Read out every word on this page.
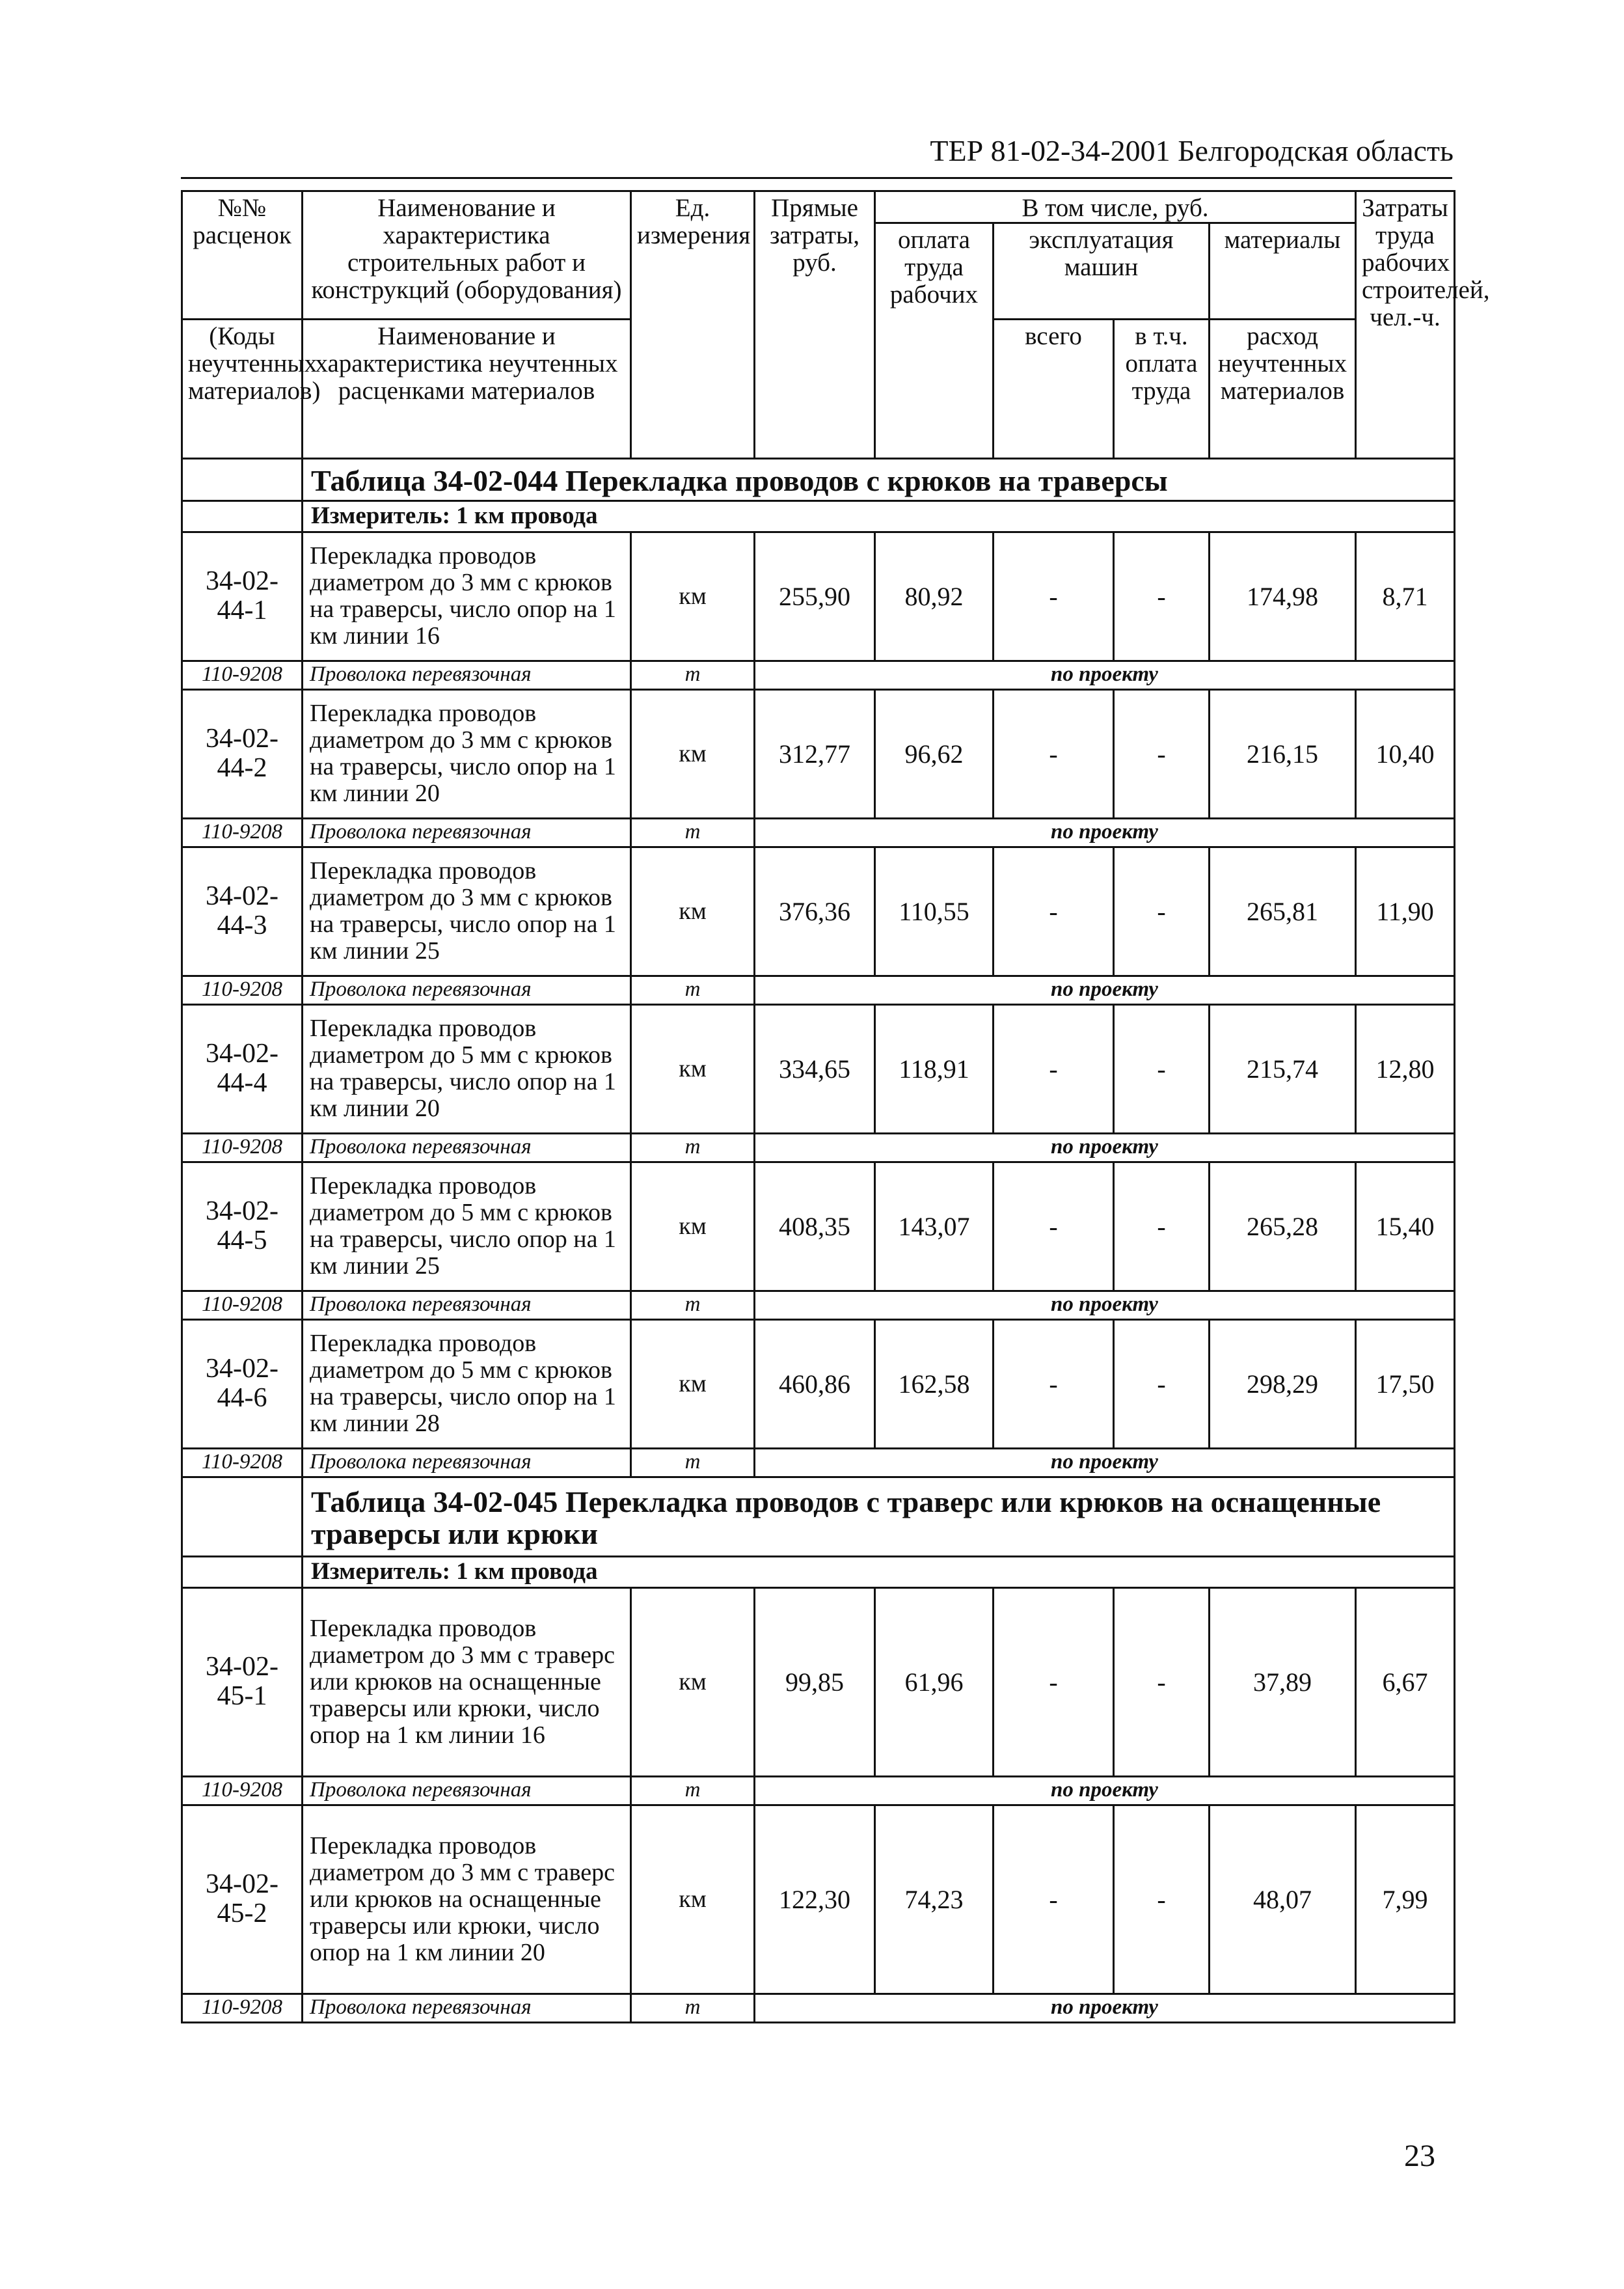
ТЕР 81-02-34-2001 Белгородская область
№№ расценок	Наименование и характеристика строительных работ и конструкций (оборудования)	Ед. измерения	Прямые затраты, руб.	В том числе, руб.				Затраты труда рабочих строителей, чел.-ч.
				оплата труда рабочих	эксплуатация машин		материалы	
(Коды неучтенных материалов)	Наименование и характеристика неучтенных расценками материалов				всего	в т.ч. оплата труда	расход неучтенных материалов	
	Таблица 34-02-044 Перекладка проводов с крюков на траверсы							
	Измеритель: 1 км провода							
34-02-44-1	Перекладка проводов диаметром до 3 мм с крюков на траверсы, число опор на 1 км линии 16	км	255,90	80,92	-	-	174,98	8,71
110-9208	Проволока перевязочная	т	по проекту					
34-02-44-2	Перекладка проводов диаметром до 3 мм с крюков на траверсы, число опор на 1 км линии 20	км	312,77	96,62	-	-	216,15	10,40
110-9208	Проволока перевязочная	т	по проекту					
34-02-44-3	Перекладка проводов диаметром до 3 мм с крюков на траверсы, число опор на 1 км линии 25	км	376,36	110,55	-	-	265,81	11,90
110-9208	Проволока перевязочная	т	по проекту					
34-02-44-4	Перекладка проводов диаметром до 5 мм с крюков на траверсы, число опор на 1 км линии 20	км	334,65	118,91	-	-	215,74	12,80
110-9208	Проволока перевязочная	т	по проекту					
34-02-44-5	Перекладка проводов диаметром до 5 мм с крюков на траверсы, число опор на 1 км линии 25	км	408,35	143,07	-	-	265,28	15,40
110-9208	Проволока перевязочная	т	по проекту					
34-02-44-6	Перекладка проводов диаметром до 5 мм с крюков на траверсы, число опор на 1 км линии 28	км	460,86	162,58	-	-	298,29	17,50
110-9208	Проволока перевязочная	т	по проекту					
	Таблица 34-02-045 Перекладка проводов с траверс или крюков на оснащенные траверсы или крюки							
	Измеритель: 1 км провода							
34-02-45-1	Перекладка проводов диаметром до 3 мм с траверс или крюков на оснащенные траверсы или крюки, число опор на 1 км линии 16	км	99,85	61,96	-	-	37,89	6,67
110-9208	Проволока перевязочная	т	по проекту					
34-02-45-2	Перекладка проводов диаметром до 3 мм с траверс или крюков на оснащенные траверсы или крюки, число опор на 1 км линии 20	км	122,30	74,23	-	-	48,07	7,99
110-9208	Проволока перевязочная	т	по проекту					
23
